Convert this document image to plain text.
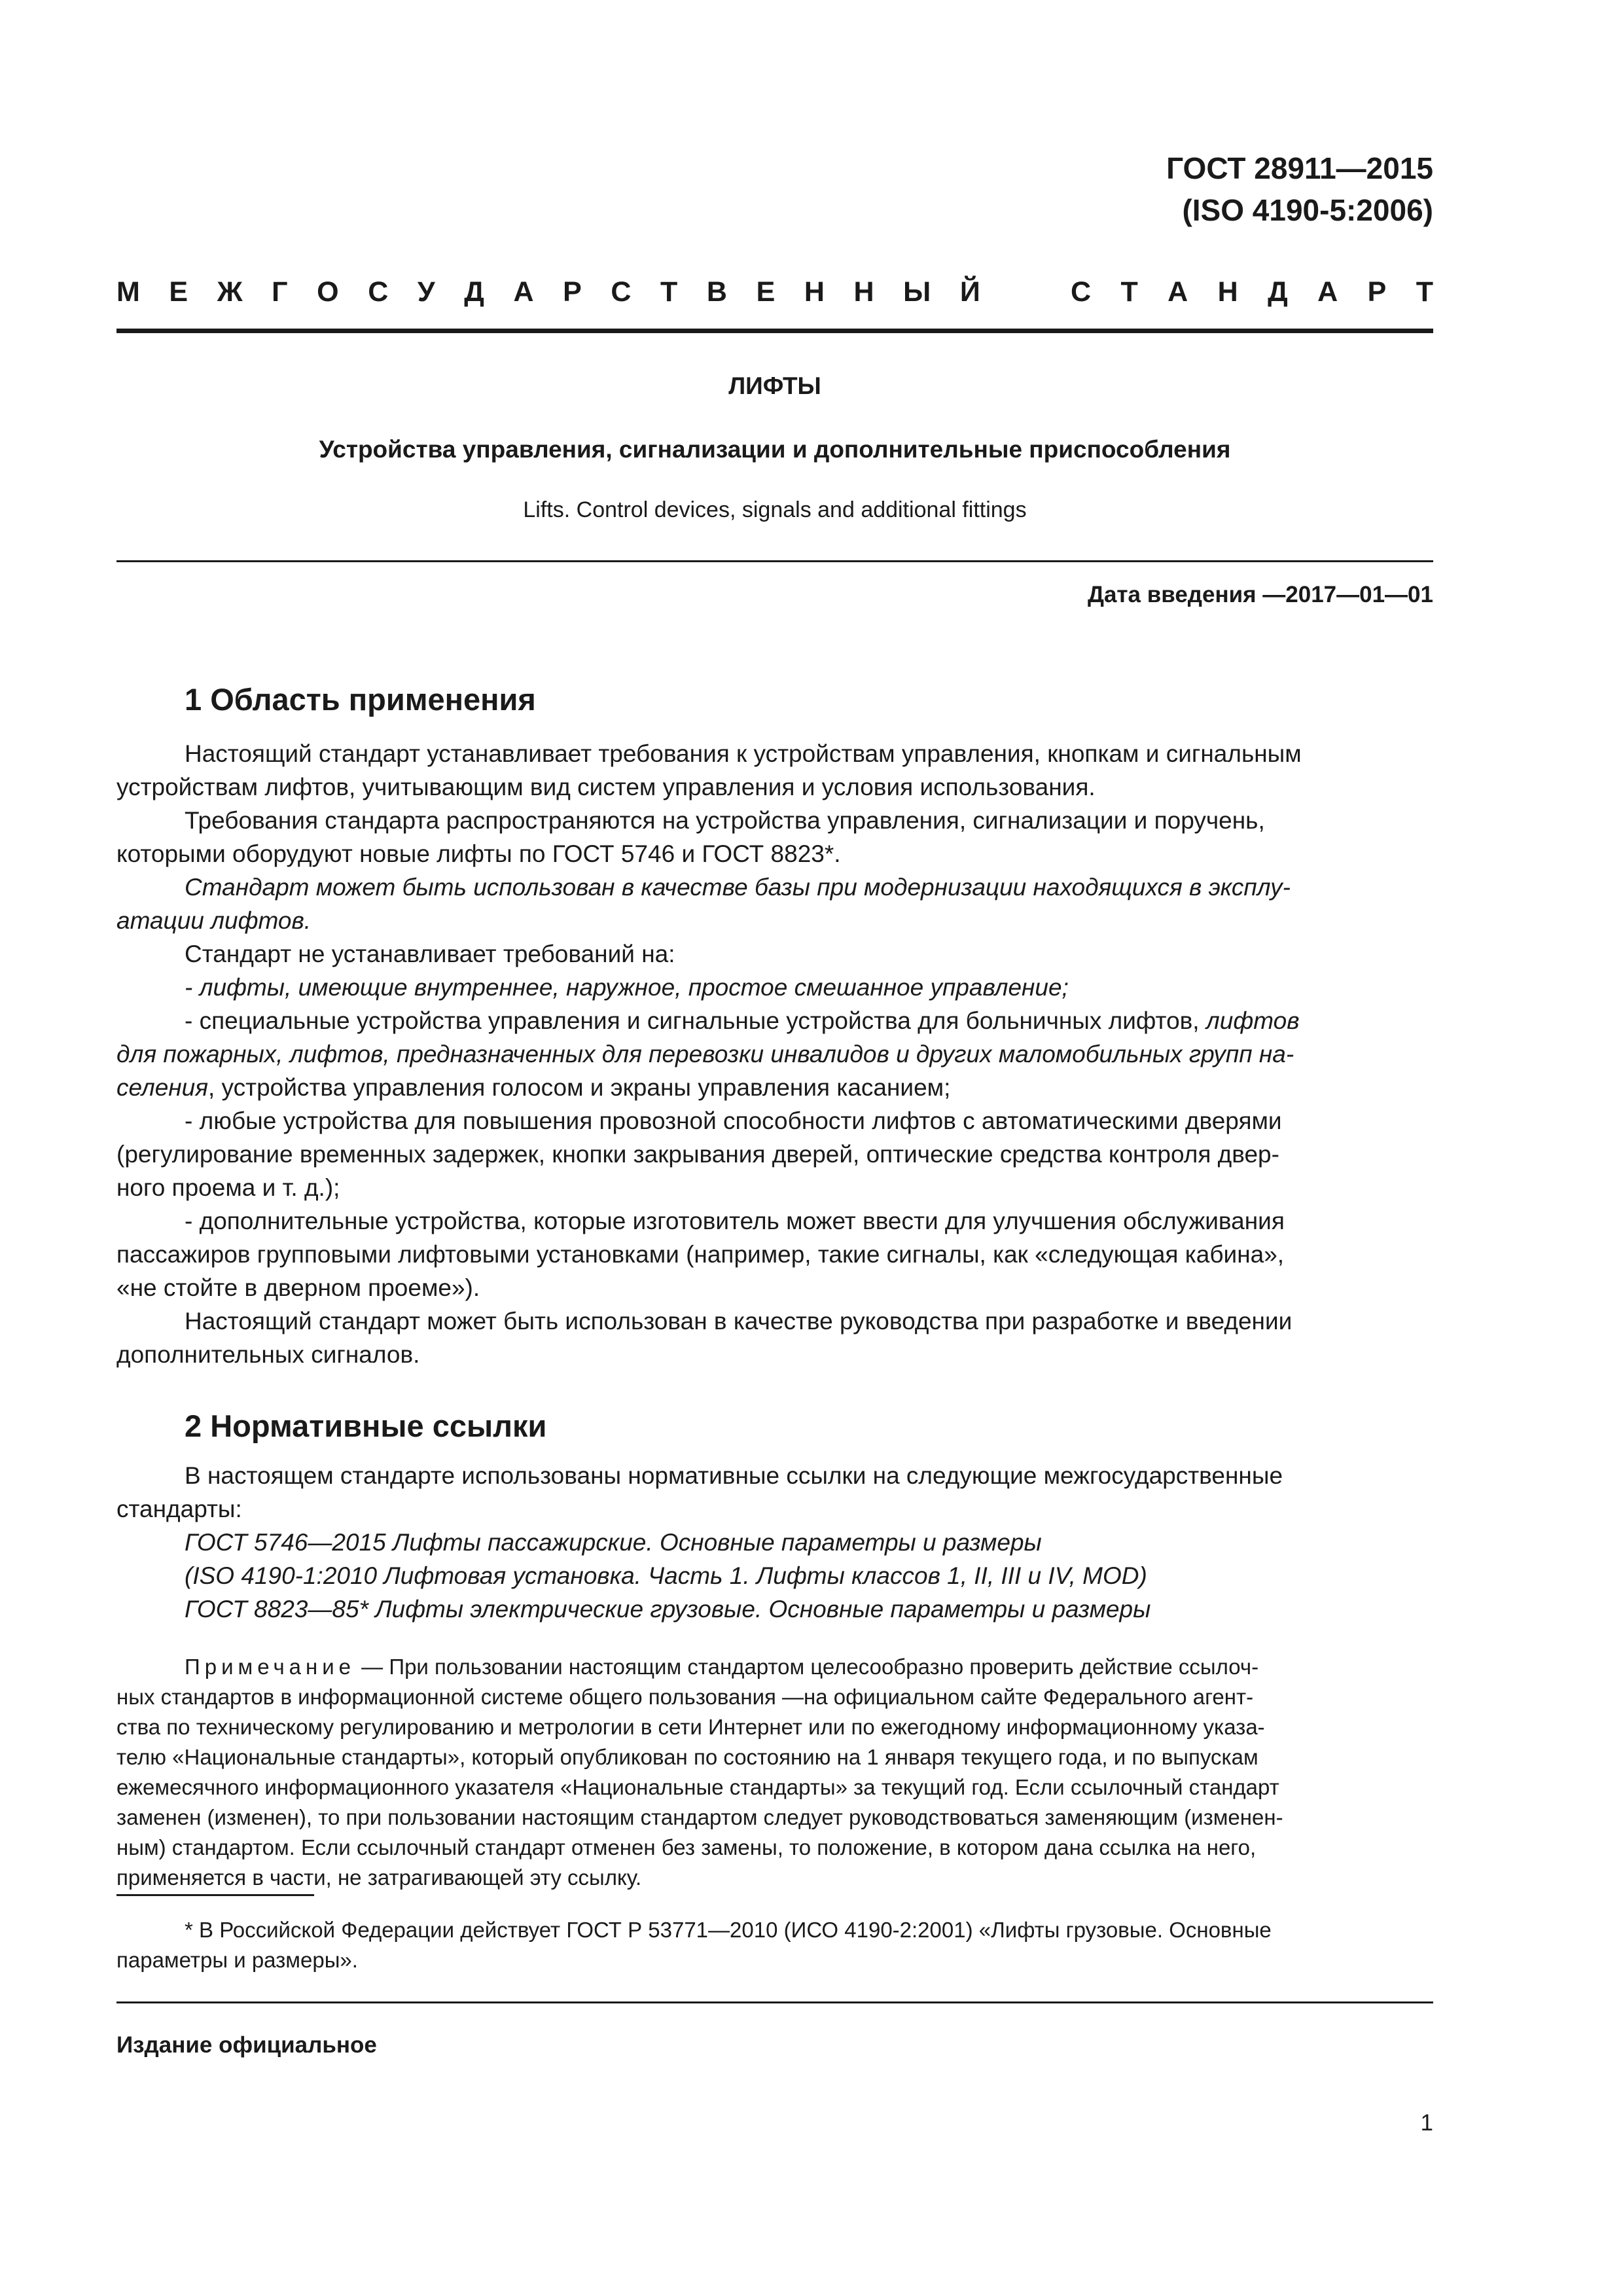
ГОСТ 28911—2015
(ISO 4190-5:2006)
М Е Ж Г О С У Д А Р С Т В Е Н Н Ы Й	С Т А Н Д А Р Т
ЛИФТЫ
Устройства управления, сигнализации и дополнительные приспособления
Lifts. Control devices, signals and additional fittings
Дата введения —2017—01—01
1 Область применения
Настоящий стандарт устанавливает требования к устройствам управления, кнопкам и сигнальным
устройствам лифтов, учитывающим вид систем управления и условия использования.
Требования стандарта распространяются на устройства управления, сигнализации и поручень,
которыми оборудуют новые лифты по ГОСТ 5746 и ГОСТ 8823*.
Стандарт может быть использован в качестве базы при модернизации находящихся в эксплу-
атации лифтов.
Стандарт не устанавливает требований на:
- лифты, имеющие внутреннее, наружное, простое смешанное управление;
- специальные устройства управления и сигнальные устройства для больничных лифтов, лифтов
для пожарных, лифтов, предназначенных для перевозки инвалидов и других маломобильных групп на-
селения, устройства управления голосом и экраны управления касанием;
- любые устройства для повышения провозной способности лифтов с автоматическими дверями
(регулирование временных задержек, кнопки закрывания дверей, оптические средства контроля двер-
ного проема и т. д.);
- дополнительные устройства, которые изготовитель может ввести для улучшения обслуживания
пассажиров групповыми лифтовыми установками (например, такие сигналы, как «следующая кабина»,
«не стойте в дверном проеме»).
Настоящий стандарт может быть использован в качестве руководства при разработке и введении
дополнительных сигналов.
2 Нормативные ссылки
В настоящем стандарте использованы нормативные ссылки на следующие межгосударственные
стандарты:
ГОСТ 5746—2015 Лифты пассажирские. Основные параметры и размеры
(ISO 4190-1:2010 Лифтовая установка. Часть 1. Лифты классов 1, II, III и IV, MOD)
ГОСТ 8823—85* Лифты электрические грузовые. Основные параметры и размеры
Примечание — При пользовании настоящим стандартом целесообразно проверить действие ссылоч-
ных стандартов в информационной системе общего пользования —на официальном сайте Федерального агент-
ства по техническому регулированию и метрологии в сети Интернет или по ежегодному информационному указа-
телю «Национальные стандарты», который опубликован по состоянию на 1 января текущего года, и по выпускам
ежемесячного информационного указателя «Национальные стандарты» за текущий год. Если ссылочный стандарт
заменен (изменен), то при пользовании настоящим стандартом следует руководствоваться заменяющим (изменен-
ным) стандартом. Если ссылочный стандарт отменен без замены, то положение, в котором дана ссылка на него,
применяется в части, не затрагивающей эту ссылку.
* В Российской Федерации действует ГОСТ Р 53771—2010 (ИСО 4190-2:2001) «Лифты грузовые. Основные
параметры и размеры».
Издание официальное
1
